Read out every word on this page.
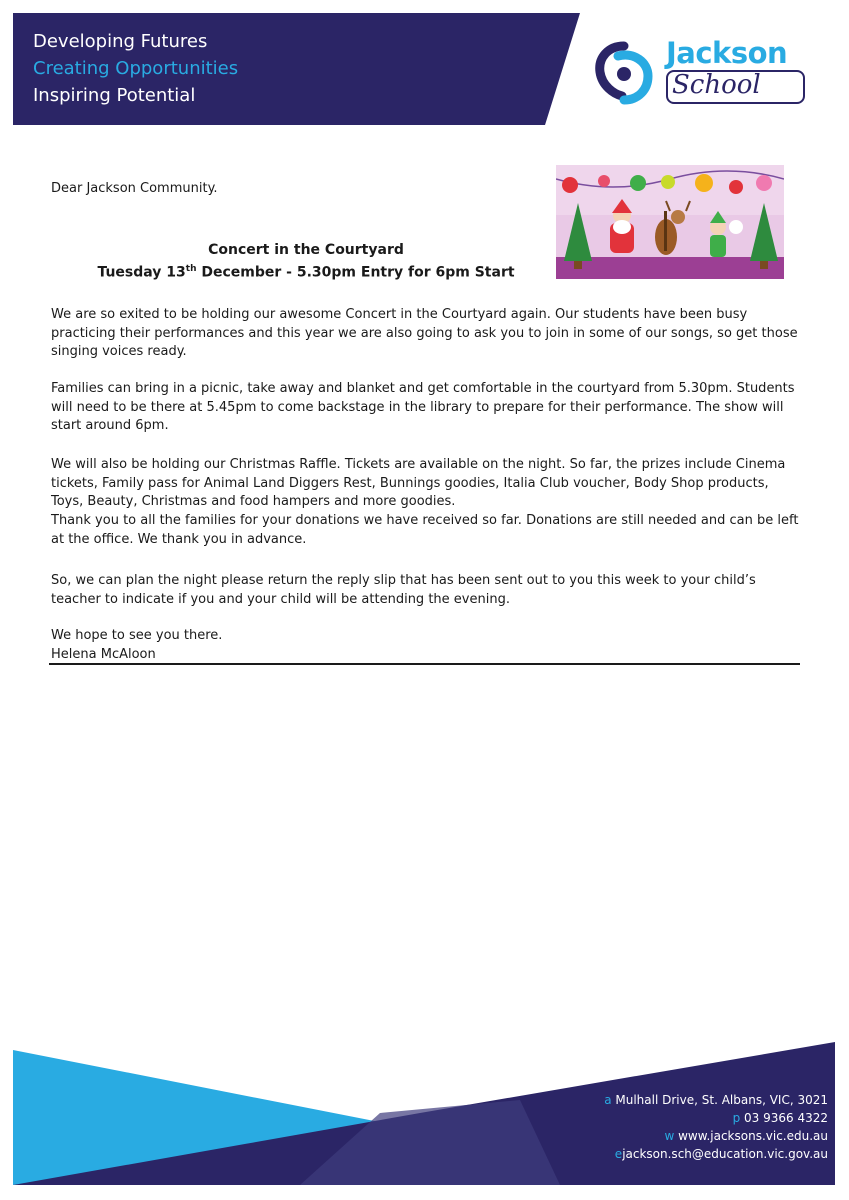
Developing Futures
Creating Opportunities
Inspiring Potential
Jackson
School
Dear Jackson Community.
Concert in the Courtyard
Tuesday 13th December - 5.30pm Entry for 6pm Start

We are so exited to be holding our awesome Concert in the Courtyard again. Our students have been busy practicing their performances and this year we are also going to ask you to join in some of our songs, so get those singing voices ready.

Families can bring in a picnic, take away and blanket and get comfortable in the courtyard from 5.30pm. Students will need to be there at 5.45pm to come backstage in the library to prepare for their performance. The show will start around 6pm.

We will also be holding our Christmas Raffle. Tickets are available on the night. So far, the prizes include Cinema tickets, Family pass for Animal Land Diggers Rest, Bunnings goodies, Italia Club voucher, Body Shop products, Toys, Beauty, Christmas and food hampers and more goodies.

Thank you to all the families for your donations we have received so far. Donations are still needed and can be left at the office. We thank you in advance.

So, we can plan the night please return the reply slip that has been sent out to you this week to your child’s teacher to indicate if you and your child will be attending the evening.

We hope to see you there.

Helena McAloon

a Mulhall Drive, St. Albans, VIC, 3021
p 03 9366 4322
w www.jacksons.vic.edu.au
ejackson.sch@education.vic.gov.au
